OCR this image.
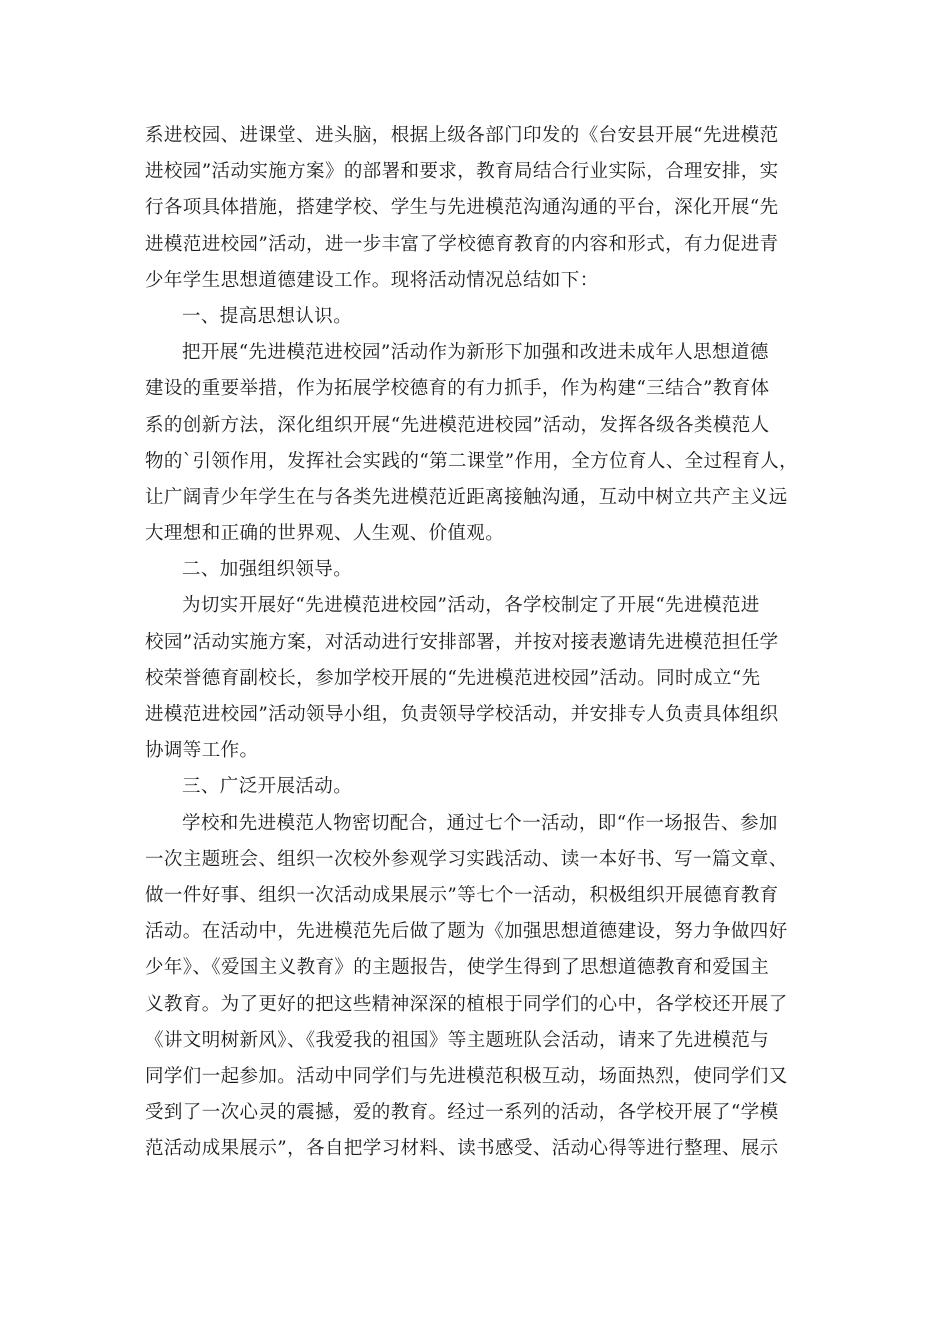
系进校园、进课堂、进头脑，根据上级各部门印发的《台安县开展“先进模范
进校园”活动实施方案》的部署和要求，教育局结合行业实际，合理安排，实
行各项具体措施，搭建学校、学生与先进模范沟通沟通的平台，深化开展“先
进模范进校园”活动，进一步丰富了学校德育教育的内容和形式，有力促进青
少年学生思想道德建设工作。现将活动情况总结如下：
一、提高思想认识。
把开展“先进模范进校园”活动作为新形下加强和改进未成年人思想道德
建设的重要举措，作为拓展学校德育的有力抓手，作为构建“三结合”教育体
系的创新方法，深化组织开展“先进模范进校园”活动，发挥各级各类模范人
物的`引领作用，发挥社会实践的“第二课堂”作用，全方位育人、全过程育人，
让广阔青少年学生在与各类先进模范近距离接触沟通，互动中树立共产主义远
大理想和正确的世界观、人生观、价值观。
二、加强组织领导。
为切实开展好“先进模范进校园”活动，各学校制定了开展“先进模范进
校园”活动实施方案，对活动进行安排部署，并按对接表邀请先进模范担任学
校荣誉德育副校长，参加学校开展的“先进模范进校园”活动。同时成立“先
进模范进校园”活动领导小组，负责领导学校活动，并安排专人负责具体组织
协调等工作。
三、广泛开展活动。
学校和先进模范人物密切配合，通过七个一活动，即“作一场报告、参加
一次主题班会、组织一次校外参观学习实践活动、读一本好书、写一篇文章、
做一件好事、组织一次活动成果展示”等七个一活动，积极组织开展德育教育
活动。在活动中，先进模范先后做了题为《加强思想道德建设，努力争做四好
少年》、《爱国主义教育》的主题报告，使学生得到了思想道德教育和爱国主
义教育。为了更好的把这些精神深深的植根于同学们的心中，各学校还开展了
《讲文明树新风》、《我爱我的祖国》等主题班队会活动，请来了先进模范与
同学们一起参加。活动中同学们与先进模范积极互动，场面热烈，使同学们又
受到了一次心灵的震撼，爱的教育。经过一系列的活动，各学校开展了“学模
范活动成果展示”，各自把学习材料、读书感受、活动心得等进行整理、展示
